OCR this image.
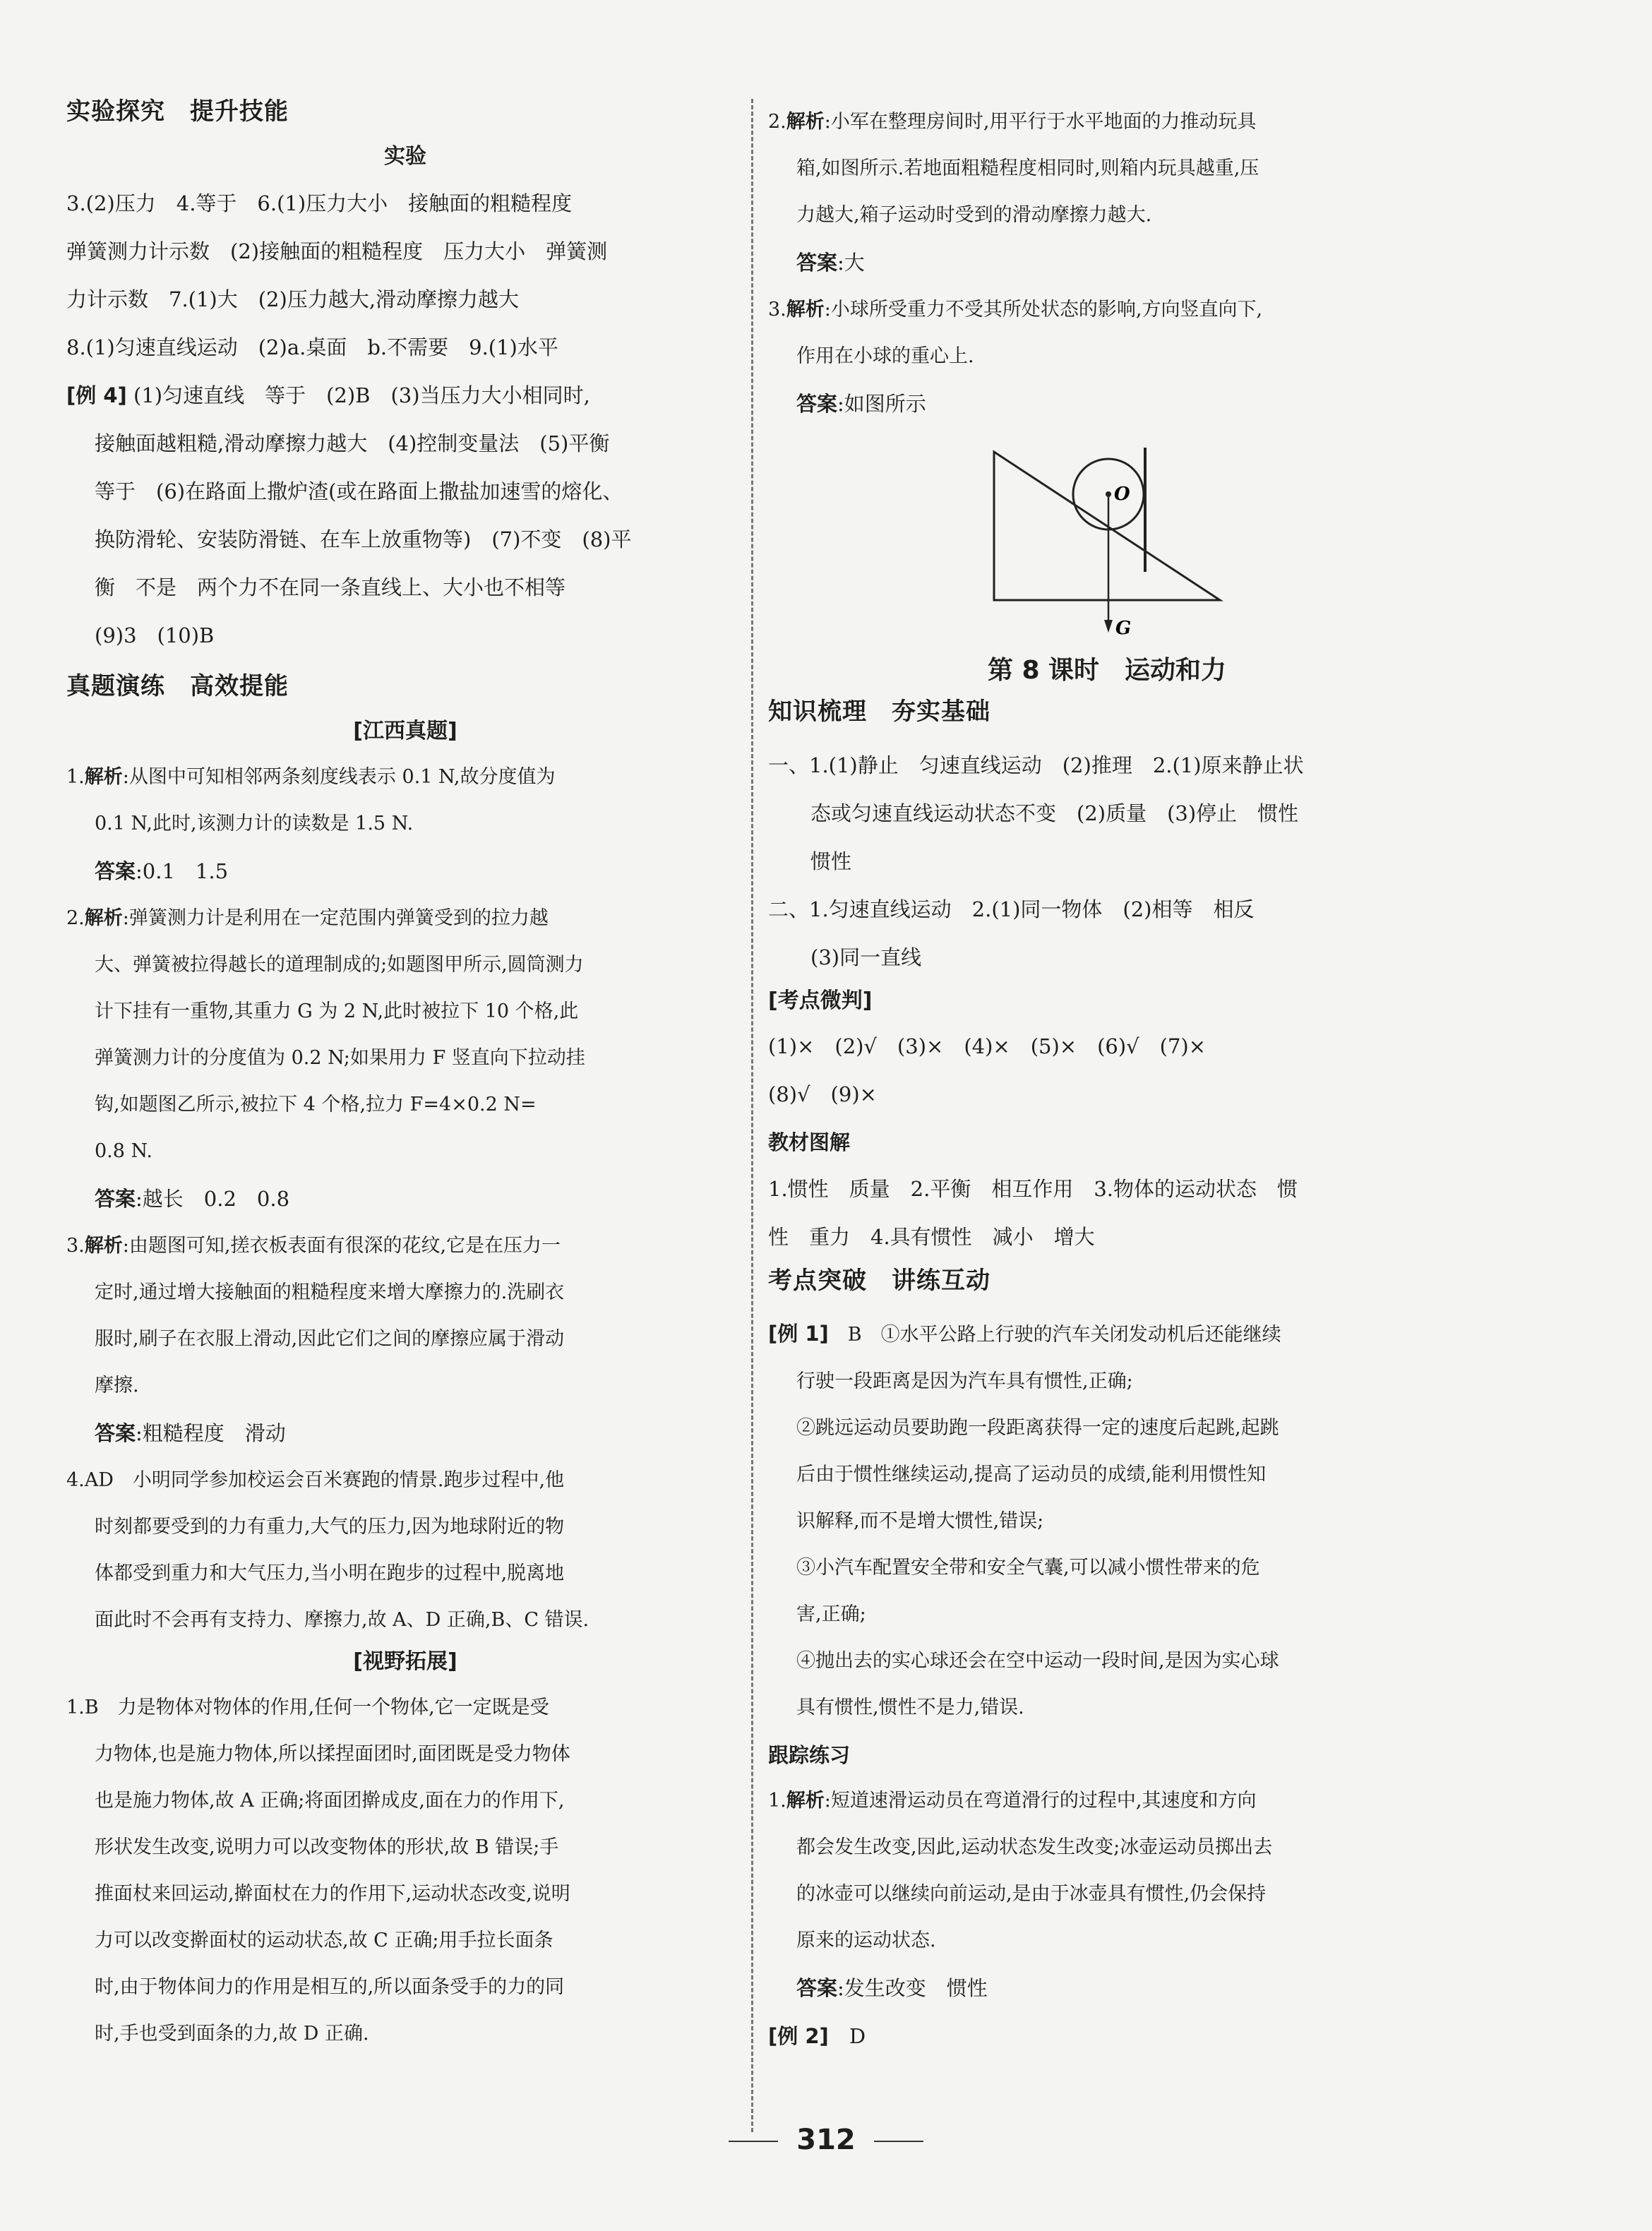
实验探究　提升技能
实验

3.(2)压力　4.等于　6.(1)压力大小　接触面的粗糙程度

弹簧测力计示数　(2)接触面的粗糙程度　压力大小　弹簧测

力计示数　7.(1)大　(2)压力越大,滑动摩擦力越大

8.(1)匀速直线运动　(2)a.桌面　b.不需要　9.(1)水平

[例 4] (1)匀速直线　等于　(2)B　(3)当压力大小相同时,

接触面越粗糙,滑动摩擦力越大　(4)控制变量法　(5)平衡

等于　(6)在路面上撒炉渣(或在路面上撒盐加速雪的熔化、

换防滑轮、安装防滑链、在车上放重物等)　(7)不变　(8)平

衡　不是　两个力不在同一条直线上、大小也不相等

(9)3　(10)B

真题演练　高效提能
[江西真题]

1.解析:从图中可知相邻两条刻度线表示 0.1 N,故分度值为

0.1 N,此时,该测力计的读数是 1.5 N.

答案:0.1　1.5

2.解析:弹簧测力计是利用在一定范围内弹簧受到的拉力越

大、弹簧被拉得越长的道理制成的;如题图甲所示,圆筒测力

计下挂有一重物,其重力 G 为 2 N,此时被拉下 10 个格,此

弹簧测力计的分度值为 0.2 N;如果用力 F 竖直向下拉动挂

钩,如题图乙所示,被拉下 4 个格,拉力 F=4×0.2 N=

0.8 N.

答案:越长　0.2　0.8

3.解析:由题图可知,搓衣板表面有很深的花纹,它是在压力一

定时,通过增大接触面的粗糙程度来增大摩擦力的.洗刷衣

服时,刷子在衣服上滑动,因此它们之间的摩擦应属于滑动

摩擦.

答案:粗糙程度　滑动

4.AD　小明同学参加校运会百米赛跑的情景.跑步过程中,他

时刻都要受到的力有重力,大气的压力,因为地球附近的物

体都受到重力和大气压力,当小明在跑步的过程中,脱离地

面此时不会再有支持力、摩擦力,故 A、D 正确,B、C 错误.

[视野拓展]

1.B　力是物体对物体的作用,任何一个物体,它一定既是受

力物体,也是施力物体,所以揉捏面团时,面团既是受力物体

也是施力物体,故 A 正确;将面团擀成皮,面在力的作用下,

形状发生改变,说明力可以改变物体的形状,故 B 错误;手

推面杖来回运动,擀面杖在力的作用下,运动状态改变,说明

力可以改变擀面杖的运动状态,故 C 正确;用手拉长面条

时,由于物体间力的作用是相互的,所以面条受手的力的同

时,手也受到面条的力,故 D 正确.

2.解析:小军在整理房间时,用平行于水平地面的力推动玩具

箱,如图所示.若地面粗糙程度相同时,则箱内玩具越重,压

力越大,箱子运动时受到的滑动摩擦力越大.

答案:大

3.解析:小球所受重力不受其所处状态的影响,方向竖直向下,

作用在小球的重心上.

答案:如图所示

O
G
第 8 课时　运动和力
知识梳理　夯实基础

一、1.(1)静止　匀速直线运动　(2)推理　2.(1)原来静止状

态或匀速直线运动状态不变　(2)质量　(3)停止　惯性

惯性

二、1.匀速直线运动　2.(1)同一物体　(2)相等　相反

(3)同一直线

[考点微判]

(1)×　(2)√　(3)×　(4)×　(5)×　(6)√　(7)×

(8)√　(9)×

教材图解

1.惯性　质量　2.平衡　相互作用　3.物体的运动状态　惯

性　重力　4.具有惯性　减小　增大

考点突破　讲练互动

[例 1]　 B　①水平公路上行驶的汽车关闭发动机后还能继续

行驶一段距离是因为汽车具有惯性,正确;

②跳远运动员要助跑一段距离获得一定的速度后起跳,起跳

后由于惯性继续运动,提高了运动员的成绩,能利用惯性知

识解释,而不是增大惯性,错误;

③小汽车配置安全带和安全气囊,可以减小惯性带来的危

害,正确;

④抛出去的实心球还会在空中运动一段时间,是因为实心球

具有惯性,惯性不是力,错误.

跟踪练习

1.解析:短道速滑运动员在弯道滑行的过程中,其速度和方向

都会发生改变,因此,运动状态发生改变;冰壶运动员掷出去

的冰壶可以继续向前运动,是由于冰壶具有惯性,仍会保持

原来的运动状态.

答案:发生改变　惯性

[例 2]　 D

312
